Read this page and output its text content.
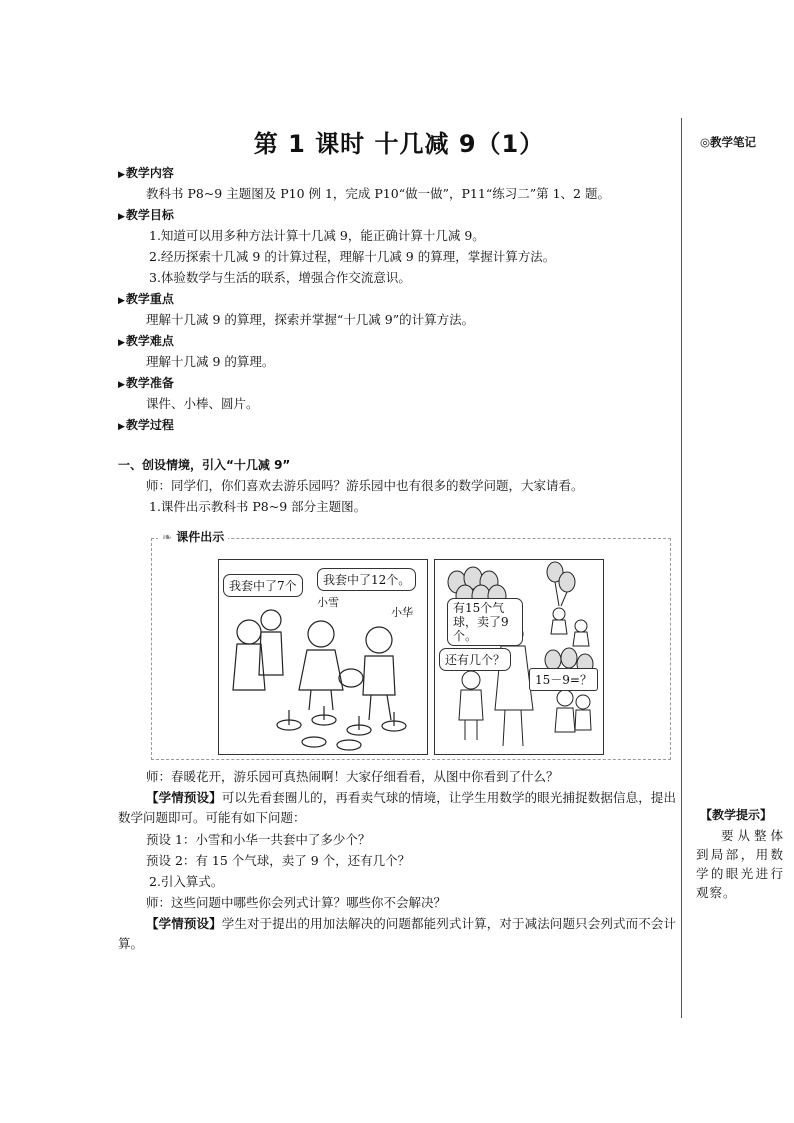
第 1 课时 十几减 9（1）	◎教学笔记
▶教学内容
教科书 P8~9 主题图及 P10 例 1，完成 P10“做一做”，P11“练习二”第 1、2 题。
▶教学目标
1.知道可以用多种方法计算十几减 9，能正确计算十几减 9。
2.经历探索十几减 9 的计算过程，理解十几减 9 的算理，掌握计算方法。
3.体验数学与生活的联系，增强合作交流意识。
▶教学重点
理解十几减 9 的算理，探索并掌握“十几减 9”的计算方法。
▶教学难点
理解十几减 9 的算理。
▶教学准备
课件、小棒、圆片。
▶教学过程
一、创设情境，引入“十几减 9”
师：同学们，你们喜欢去游乐园吗？游乐园中也有很多的数学问题，大家请看。
1.课件出示教科书 P8~9 部分主题图。
❧ 课件出示
我套中了7个	我套中了12个。
小雪
小华	有15个气球，卖了9个。
还有几个？
15－9=？
师：春暖花开，游乐园可真热闹啊！大家仔细看看，从图中你看到了什么？
【学情预设】可以先看套圈儿的，再看卖气球的情境，让学生用数学的眼光捕捉数据信息，提出数学问题即可。可能有如下问题：
预设 1：小雪和小华一共套中了多少个？
预设 2：有 15 个气球，卖了 9 个，还有几个？
2.引入算式。
师：这些问题中哪些你会列式计算？哪些你不会解决？
【学情预设】学生对于提出的用加法解决的问题都能列式计算，对于减法问题只会列式而不会计算。
【教学提示】
要从整体到局部，用数学的眼光进行观察。
